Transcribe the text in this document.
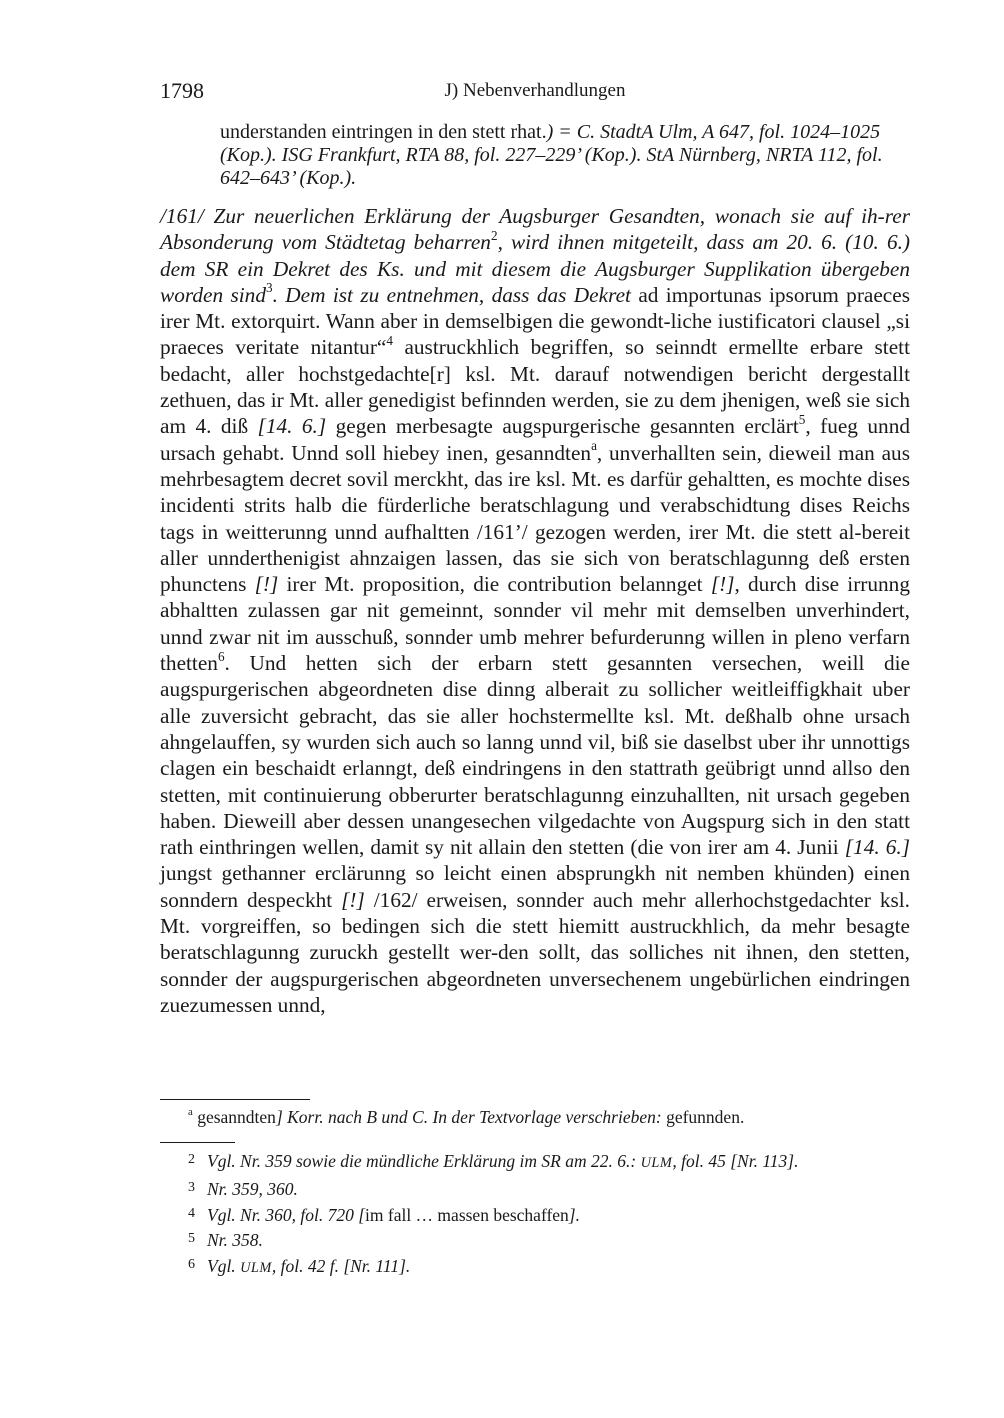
1798	J) Nebenverhandlungen

understanden eintringen in den stett rhat.) = C. StadtA Ulm, A 647, fol. 1024–1025 (Kop.). ISG Frankfurt, RTA 88, fol. 227–229’ (Kop.). StA Nürnberg, NRTA 112, fol. 642–643’ (Kop.).

/161/ Zur neuerlichen Erklärung der Augsburger Gesandten, wonach sie auf ih-rer Absonderung vom Städtetag beharren$^2$, wird ihnen mitgeteilt, dass am 20. 6. (10. 6.) dem SR ein Dekret des Ks. und mit diesem die Augsburger Supplikation übergeben worden sind$^3$. Dem ist zu entnehmen, dass das Dekret ad importunas ipsorum praeces irer Mt. extorquirt. Wann aber in demselbigen die gewondt-liche iustificatori clausel „si praeces veritate nitantur“$^4$ austruckhlich begriffen, so seinndt ermellte erbare stett bedacht, aller hochstgedachte[r] ksl. Mt. darauf notwendigen bericht dergestallt zethuen, das ir Mt. aller genedigist befinnden werden, sie zu dem jhenigen, weß sie sich am 4. diß [14. 6.] gegen merbesagte augspurgerische gesannten erclärt$^5$, fueg unnd ursach gehabt. Unnd soll hiebey inen, gesanndten$^a$, unverhallten sein, dieweil man aus mehrbesagtem decret sovil merckht, das ire ksl. Mt. es darfür gehaltten, es mochte dises incidenti strits halb die fürderliche beratschlagung und verabschidtung dises Reichs tags in weitterunng unnd aufhaltten /161’/ gezogen werden, irer Mt. die stett al-bereit aller unnderthenigist ahnzaigen lassen, das sie sich von beratschlagunng deß ersten phunctens [!] irer Mt. proposition, die contribution belannget [!], durch dise irrunng abhaltten zulassen gar nit gemeinnt, sonnder vil mehr mit demselben unverhindert, unnd zwar nit im ausschuß, sonnder umb mehrer befurderunng willen in pleno verfarn thetten$^6$. Und hetten sich der erbarn stett gesannten versechen, weill die augspurgerischen abgeordneten dise dinng alberait zu sollicher weitleiffigkhait uber alle zuversicht gebracht, das sie aller hochstermellte ksl. Mt. deßhalb ohne ursach ahngelauffen, sy wurden sich auch so lanng unnd vil, biß sie daselbst uber ihr unnottigs clagen ein beschaidt erlanngt, deß eindringens in den stattrath geübrigt unnd allso den stetten, mit continuierung obberurter beratschlagunng einzuhallten, nit ursach gegeben haben. Dieweill aber dessen unangesechen vilgedachte von Augspurg sich in den statt rath einthringen wellen, damit sy nit allain den stetten (die von irer am 4. Junii [14. 6.] jungst gethanner erclärunng so leicht einen absprungkh nit nemben khünden) einen sonndern despeckht [!] /162/ erweisen, sonnder auch mehr allerhochstgedachter ksl. Mt. vorgreiffen, so bedingen sich die stett hiemitt austruckhlich, da mehr besagte beratschlagunng zuruckh gestellt wer-den sollt, das solliches nit ihnen, den stetten, sonnder der augspurgerischen abgeordneten unversechenem ungebürlichen eindringen zuezumessen unnd,

$^a$ gesanndten] Korr. nach B und C. In der Textvorlage verschrieben: gefunnden.
2 Vgl. Nr. 359 sowie die mündliche Erklärung im SR am 22. 6.: ULM, fol. 45 [Nr. 113].
3 Nr. 359, 360.
4 Vgl. Nr. 360, fol. 720 [im fall … massen beschaffen].
5 Nr. 358.
6 Vgl. ULM, fol. 42 f. [Nr. 111].
